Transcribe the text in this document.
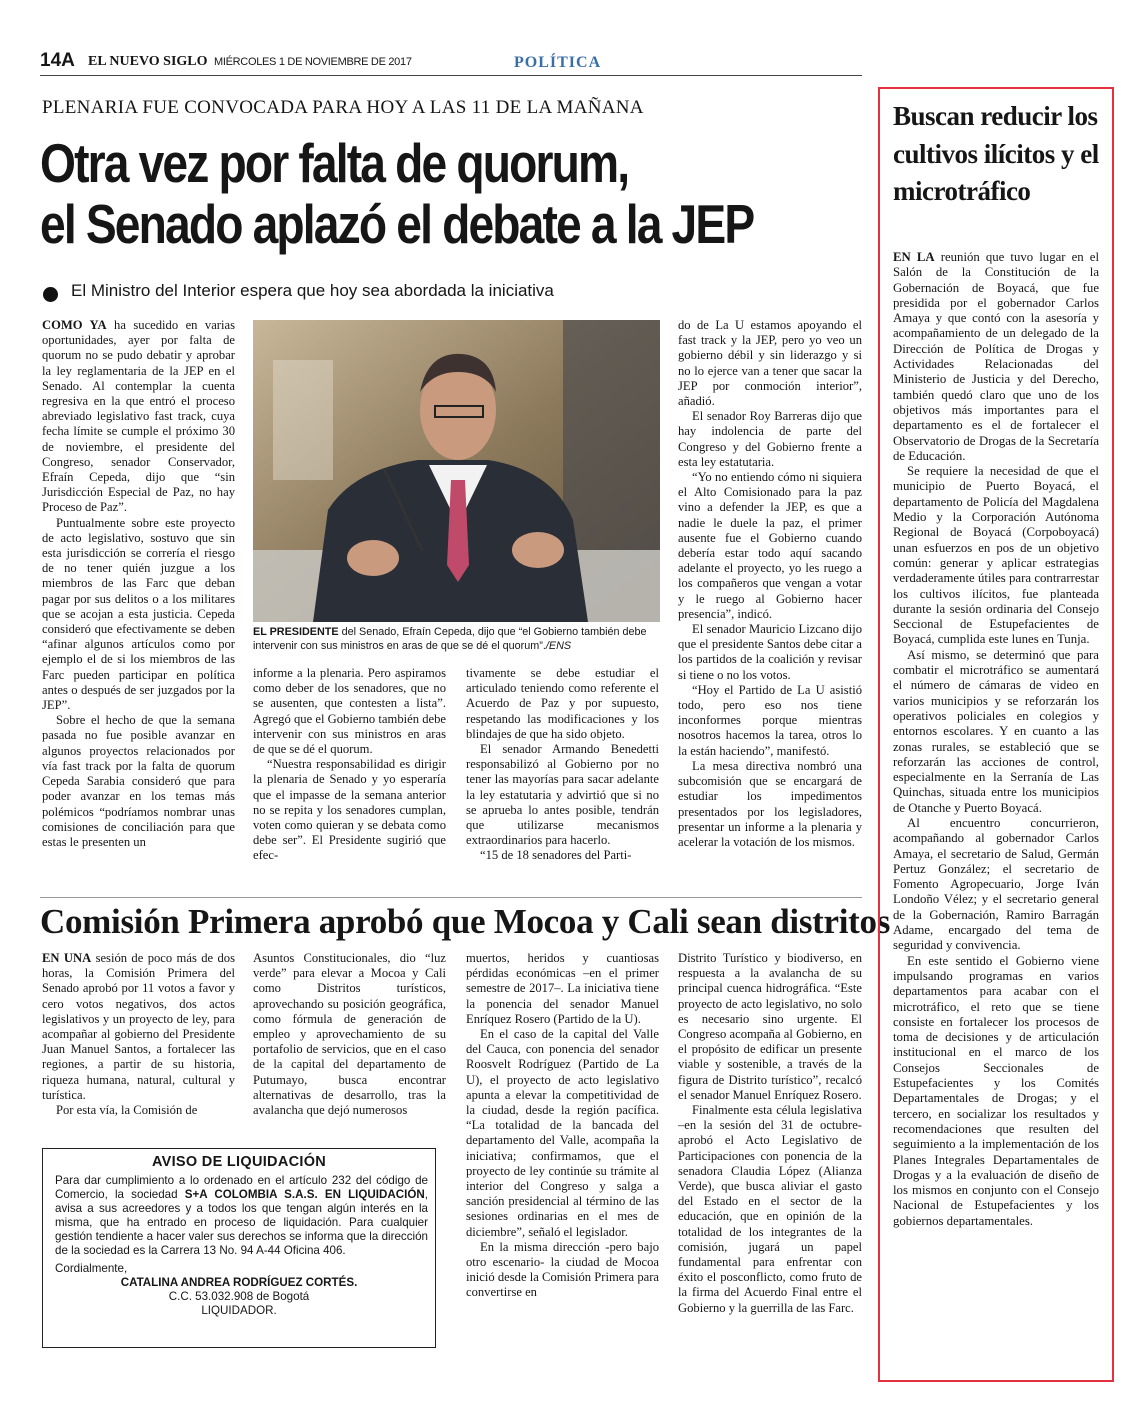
14A EL NUEVO SIGLO MIÉRCOLES 1 DE NOVIEMBRE DE 2017	POLÍTICA
PLENARIA FUE CONVOCADA PARA HOY A LAS 11 DE LA MAÑANA
Otra vez por falta de quorum,
el Senado aplazó el debate a la JEP
El Ministro del Interior espera que hoy sea abordada la iniciativa

COMO YA ha sucedido en varias oportunidades, ayer por falta de quorum no se pudo debatir y aprobar la ley reglamentaria de la JEP en el Senado. Al contemplar la cuenta regresiva en la que entró el proceso abreviado legislativo fast track, cuya fecha límite se cumple el próximo 30 de noviembre, el presidente del Congreso, senador Conservador, Efraín Cepeda, dijo que “sin Jurisdicción Especial de Paz, no hay Proceso de Paz”.

Puntualmente sobre este proyecto de acto legislativo, sostuvo que sin esta jurisdicción se correría el riesgo de no tener quién juzgue a los miembros de las Farc que deban pagar por sus delitos o a los militares que se acojan a esta justicia. Cepeda consideró que efectivamente se deben “afinar algunos artículos como por ejemplo el de si los miembros de las Farc pueden participar en política antes o después de ser juzgados por la JEP”.

Sobre el hecho de que la semana pasada no fue posible avanzar en algunos proyectos relacionados por vía fast track por la falta de quorum Cepeda Sarabia consideró que para poder avanzar en los temas más polémicos “podríamos nombrar unas comisiones de conciliación para que estas le presenten un

EL PRESIDENTE del Senado, Efraín Cepeda, dijo que “el Gobierno también debe intervenir con sus ministros en aras de que se dé el quorum”./ENS

informe a la plenaria. Pero aspiramos como deber de los senadores, que no se ausenten, que contesten a lista”. Agregó que el Gobierno también debe intervenir con sus ministros en aras de que se dé el quorum.

“Nuestra responsabilidad es dirigir la plenaria de Senado y yo esperaría que el impasse de la semana anterior no se repita y los senadores cumplan, voten como quieran y se debata como debe ser”. El Presidente sugirió que efec-

tivamente se debe estudiar el articulado teniendo como referente el Acuerdo de Paz y por supuesto, respetando las modificaciones y los blindajes de que ha sido objeto.

El senador Armando Benedetti responsabilizó al Gobierno por no tener las mayorías para sacar adelante la ley estatutaria y advirtió que si no se aprueba lo antes posible, tendrán que utilizarse mecanismos extraordinarios para hacerlo.

“15 de 18 senadores del Parti-

do de La U estamos apoyando el fast track y la JEP, pero yo veo un gobierno débil y sin liderazgo y si no lo ejerce van a tener que sacar la JEP por conmoción interior”, añadió.

El senador Roy Barreras dijo que hay indolencia de parte del Congreso y del Gobierno frente a esta ley estatutaria.

“Yo no entiendo cómo ni siquiera el Alto Comisionado para la paz vino a defender la JEP, es que a nadie le duele la paz, el primer ausente fue el Gobierno cuando debería estar todo aquí sacando adelante el proyecto, yo les ruego a los compañeros que vengan a votar y le ruego al Gobierno hacer presencia”, indicó.

El senador Mauricio Lizcano dijo que el presidente Santos debe citar a los partidos de la coalición y revisar si tiene o no los votos.

“Hoy el Partido de La U asistió todo, pero eso nos tiene inconformes porque mientras nosotros hacemos la tarea, otros lo la están haciendo”, manifestó.

La mesa directiva nombró una subcomisión que se encargará de estudiar los impedimentos presentados por los legisladores, presentar un informe a la plenaria y acelerar la votación de los mismos.

Comisión Primera aprobó que Mocoa y Cali sean distritos

EN UNA sesión de poco más de dos horas, la Comisión Primera del Senado aprobó por 11 votos a favor y cero votos negativos, dos actos legislativos y un proyecto de ley, para acompañar al gobierno del Presidente Juan Manuel Santos, a fortalecer las regiones, a partir de su historia, riqueza humana, natural, cultural y turística.

Por esta vía, la Comisión de

Asuntos Constitucionales, dio “luz verde” para elevar a Mocoa y Cali como Distritos turísticos, aprovechando su posición geográfica, como fórmula de generación de empleo y aprovechamiento de su portafolio de servicios, que en el caso de la capital del departamento de Putumayo, busca encontrar alternativas de desarrollo, tras la avalancha que dejó numerosos

muertos, heridos y cuantiosas pérdidas económicas –en el primer semestre de 2017–. La iniciativa tiene la ponencia del senador Manuel Enríquez Rosero (Partido de la U).

En el caso de la capital del Valle del Cauca, con ponencia del senador Roosvelt Rodríguez (Partido de La U), el proyecto de acto legislativo apunta a elevar la competitividad de la ciudad, desde la región pacífica. “La totalidad de la bancada del departamento del Valle, acompaña la iniciativa; confirmamos, que el proyecto de ley continúe su trámite al interior del Congreso y salga a sanción presidencial al término de las sesiones ordinarias en el mes de diciembre”, señaló el legislador.

En la misma dirección -pero bajo otro escenario- la ciudad de Mocoa inició desde la Comisión Primera para convertirse en

Distrito Turístico y biodiverso, en respuesta a la avalancha de su principal cuenca hidrográfica. “Este proyecto de acto legislativo, no solo es necesario sino urgente. El Congreso acompaña al Gobierno, en el propósito de edificar un presente viable y sostenible, a través de la figura de Distrito turístico”, recalcó el senador Manuel Enríquez Rosero.

Finalmente esta célula legislativa –en la sesión del 31 de octubre- aprobó el Acto Legislativo de Participaciones con ponencia de la senadora Claudia López (Alianza Verde), que busca aliviar el gasto del Estado en el sector de la educación, que en opinión de la totalidad de los integrantes de la comisión, jugará un papel fundamental para enfrentar con éxito el posconflicto, como fruto de la firma del Acuerdo Final entre el Gobierno y la guerrilla de las Farc.

AVISO DE LIQUIDACIÓN
Para dar cumplimiento a lo ordenado en el artículo 232 del código de Comercio, la sociedad S+A COLOMBIA S.A.S. EN LIQUIDACIÓN, avisa a sus acreedores y a todos los que tengan algún interés en la misma, que ha entrado en proceso de liquidación. Para cualquier gestión tendiente a hacer valer sus derechos se informa que la dirección de la sociedad es la Carrera 13 No. 94 A-44 Oficina 406.
Cordialmente,
CATALINA ANDREA RODRÍGUEZ CORTÉS.
C.C. 53.032.908 de Bogotá
LIQUIDADOR.
Buscan reducir los cultivos ilícitos y el microtráfico

EN LA reunión que tuvo lugar en el Salón de la Constitución de la Gobernación de Boyacá, que fue presidida por el gobernador Carlos Amaya y que contó con la asesoría y acompañamiento de un delegado de la Dirección de Política de Drogas y Actividades Relacionadas del Ministerio de Justicia y del Derecho, también quedó claro que uno de los objetivos más importantes para el departamento es el de fortalecer el Observatorio de Drogas de la Secretaría de Educación.

Se requiere la necesidad de que el municipio de Puerto Boyacá, el departamento de Policía del Magdalena Medio y la Corporación Autónoma Regional de Boyacá (Corpoboyacá) unan esfuerzos en pos de un objetivo común: generar y aplicar estrategias verdaderamente útiles para contrarrestar los cultivos ilícitos, fue planteada durante la sesión ordinaria del Consejo Seccional de Estupefacientes de Boyacá, cumplida este lunes en Tunja.

Así mismo, se determinó que para combatir el microtráfico se aumentará el número de cámaras de video en varios municipios y se reforzarán los operativos policiales en colegios y entornos escolares. Y en cuanto a las zonas rurales, se estableció que se reforzarán las acciones de control, especialmente en la Serranía de Las Quinchas, situada entre los municipios de Otanche y Puerto Boyacá.

Al encuentro concurrieron, acompañando al gobernador Carlos Amaya, el secretario de Salud, Germán Pertuz González; el secretario de Fomento Agropecuario, Jorge Iván Londoño Vélez; y el secretario general de la Gobernación, Ramiro Barragán Adame, encargado del tema de seguridad y convivencia.

En este sentido el Gobierno viene impulsando programas en varios departamentos para acabar con el microtráfico, el reto que se tiene consiste en fortalecer los procesos de toma de decisiones y de articulación institucional en el marco de los Consejos Seccionales de Estupefacientes y los Comités Departamentales de Drogas; y el tercero, en socializar los resultados y recomendaciones que resulten del seguimiento a la implementación de los Planes Integrales Departamentales de Drogas y a la evaluación de diseño de los mismos en conjunto con el Consejo Nacional de Estupefacientes y los gobiernos departamentales.
